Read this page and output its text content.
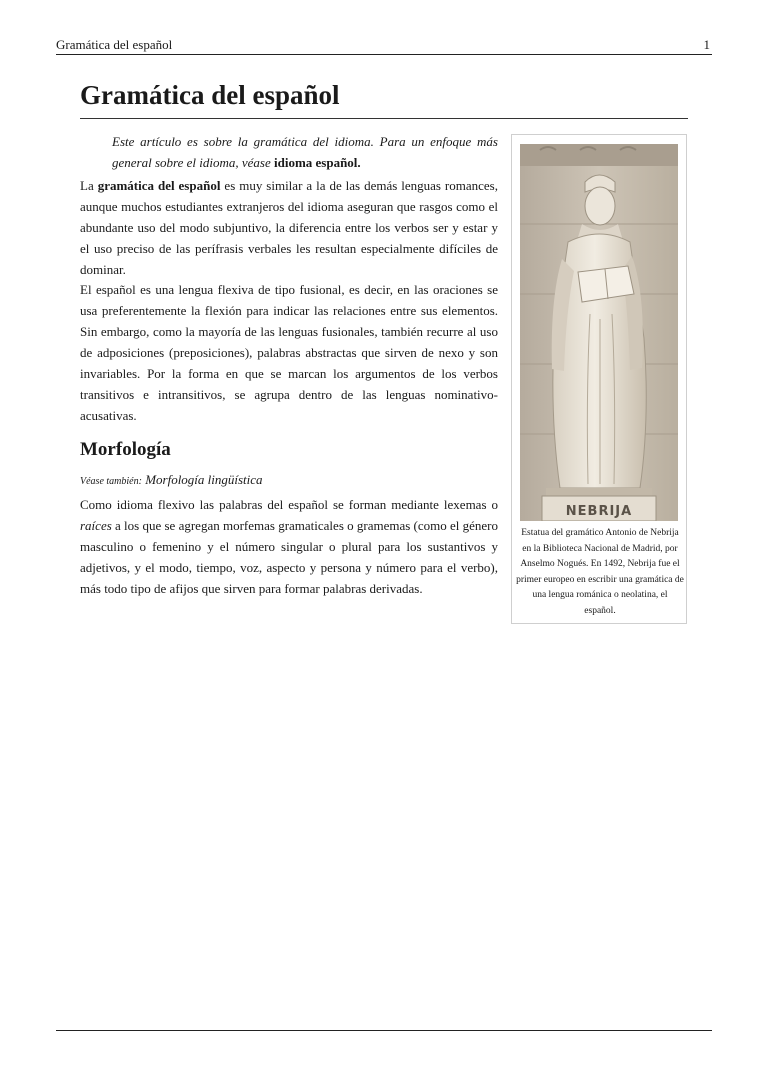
Gramática del español	1
Gramática del español

Este artículo es sobre la gramática del idioma. Para un enfoque más general sobre el idioma, véase idioma español.

La gramática del español es muy similar a la de las demás lenguas romances, aunque muchos estudiantes extranjeros del idioma aseguran que rasgos como el abundante uso del modo subjuntivo, la diferencia entre los verbos ser y estar y el uso preciso de las perífrasis verbales les resultan especialmente difíciles de dominar.

El español es una lengua flexiva de tipo fusional, es decir, en las oraciones se usa preferentemente la flexión para indicar las relaciones entre sus elementos. Sin embargo, como la mayoría de las lenguas fusionales, también recurre al uso de adposiciones (preposiciones), palabras abstractas que sirven de nexo y son invariables. Por la forma en que se marcan los argumentos de los verbos transitivos e intransitivos, se agrupa dentro de las lenguas nominativo-acusativas.

Morfología

Véase también: Morfología lingüística

Como idioma flexivo las palabras del español se forman mediante lexemas o raíces a los que se agregan morfemas gramaticales o gramemas (como el género masculino o femenino y el número singular o plural para los sustantivos y adjetivos, y el modo, tiempo, voz, aspecto y persona y número para el verbo), más todo tipo de afijos que sirven para formar palabras derivadas.

NEBRIJA

Estatua del gramático Antonio de Nebrija en la Biblioteca Nacional de Madrid, por Anselmo Nogués. En 1492, Nebrija fue el primer europeo en escribir una gramática de una lengua románica o neolatina, el español.
